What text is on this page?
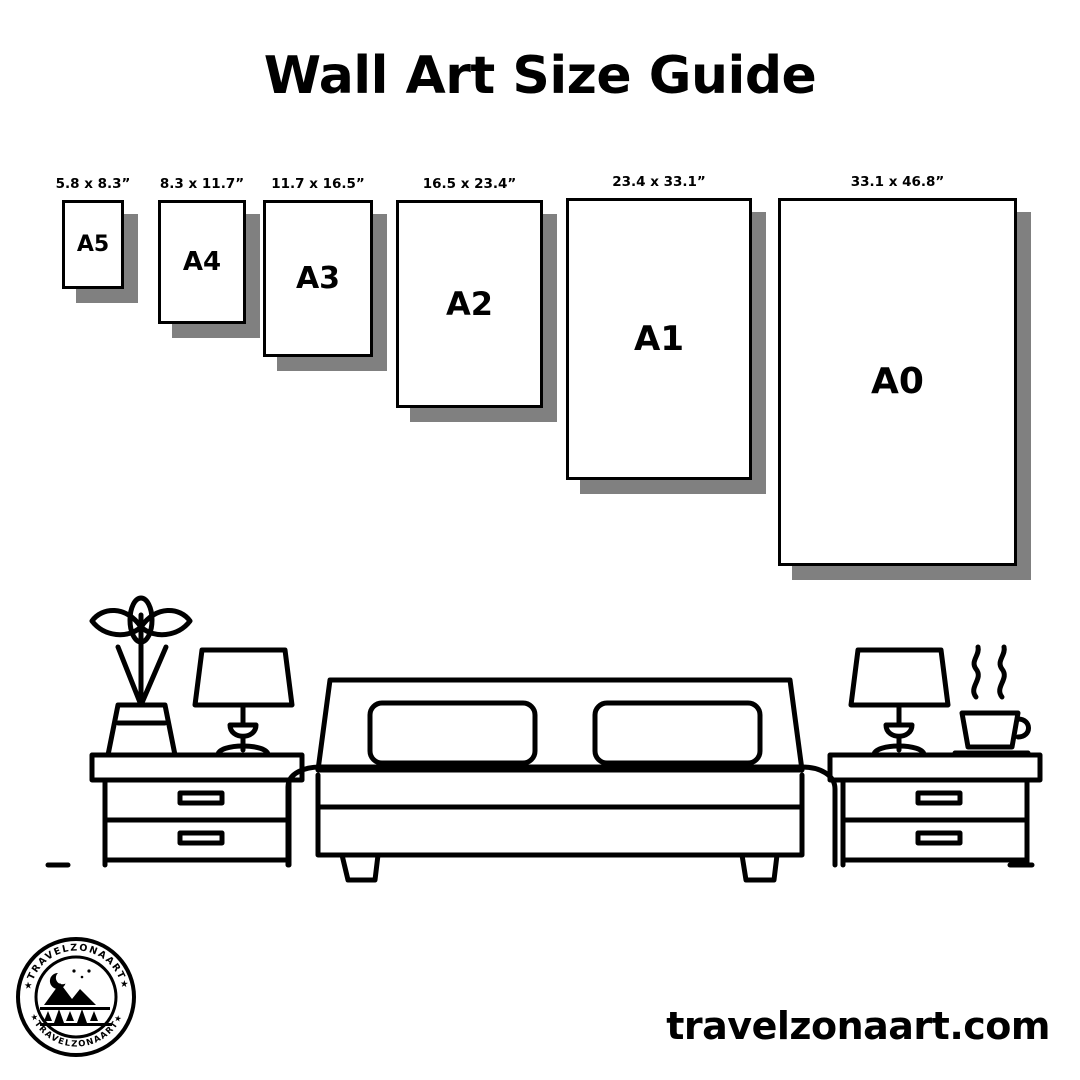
Wall Art Size Guide
A5
5.8 x 8.3”
A4
8.3 x 11.7”
A3
11.7 x 16.5”
A2
16.5 x 23.4”
A1
23.4 x 33.1”
A0
33.1 x 46.8”
★TRAVELZONAART★
★TRAVELZONAART★	travelzonaart.com
